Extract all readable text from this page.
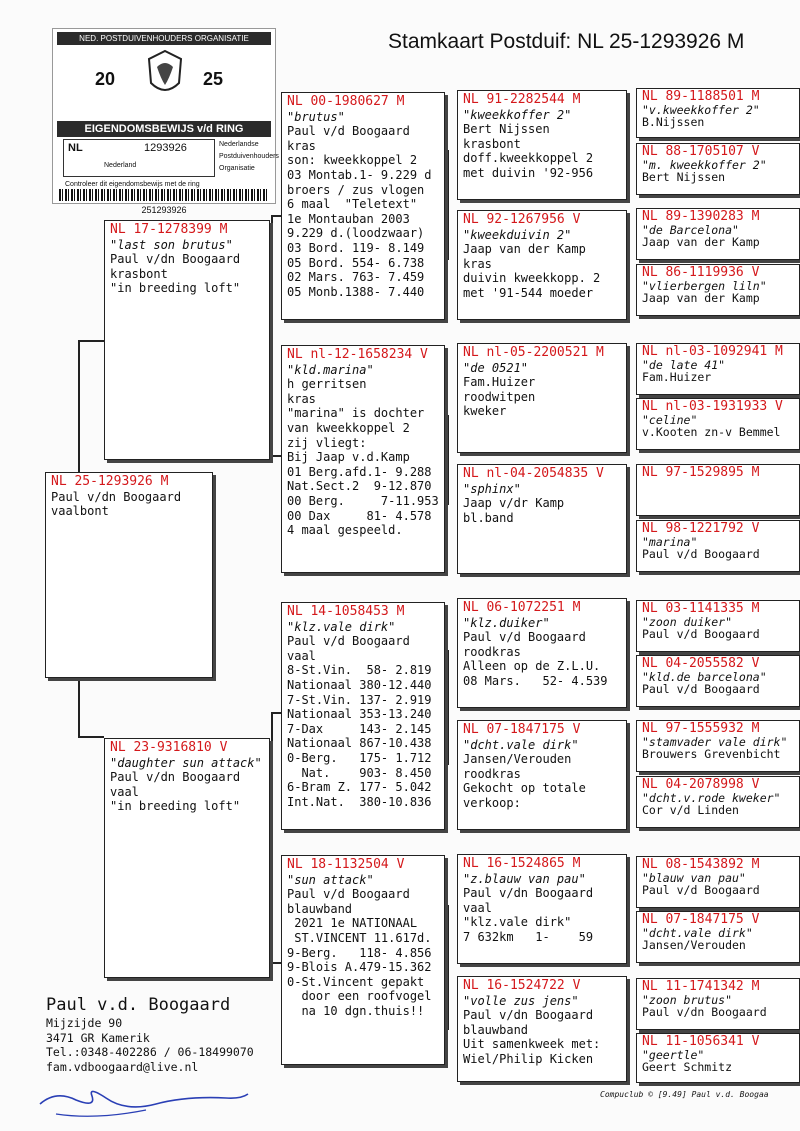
Stamkaart Postduif: NL 25-1293926 M
NED. POSTDUIVENHOUDERS ORGANISATIE
20	25
EIGENDOMSBEWIJS v/d RING
NL	1293926
Nederland
Nederlandse
Postduivenhouders
Organisatie
Controleer dit eigendomsbewijs met de ring
251293926
NL 25-1293926 M
Paul v/dn Boogaard
vaalbont
NL 17-1278399 M
"last son brutus"
Paul v/dn Boogaard
krasbont
"in breeding loft"
NL 23-9316810 V
"daughter sun attack"
Paul v/dn Boogaard
vaal
"in breeding loft"
NL 00-1980627 M
"brutus"
Paul v/d Boogaard
kras
son: kweekkoppel 2
03 Montab.1- 9.229 d
broers / zus vlogen
6 maal  "Teletext"
1e Montauban 2003
9.229 d.(loodzwaar)
03 Bord. 119- 8.149
05 Bord. 554- 6.738
02 Mars. 763- 7.459
05 Monb.1388- 7.440
NL nl-12-1658234 V
"kld.marina"
h gerritsen
kras
"marina" is dochter
van kweekkoppel 2
zij vliegt:
Bij Jaap v.d.Kamp
01 Berg.afd.1- 9.288
Nat.Sect.2  9-12.870
00 Berg.     7-11.953
00 Dax     81- 4.578
4 maal gespeeld.
NL 14-1058453 M
"klz.vale dirk"
Paul v/d Boogaard
vaal
8-St.Vin.  58- 2.819
Nationaal 380-12.440
7-St.Vin. 137- 2.919
Nationaal 353-13.240
7-Dax     143- 2.145
Nationaal 867-10.438
0-Berg.   175- 1.712
Nat.    903- 8.450
6-Bram Z. 177- 5.042
Int.Nat.  380-10.836
NL 18-1132504 V
"sun attack"
Paul v/d Boogaard
blauwband
2021 1e NATIONAAL
ST.VINCENT 11.617d.
9-Berg.   118- 4.856
9-Blois A.479-15.362
0-St.Vincent gepakt
door een roofvogel
na 10 dgn.thuis!!
NL 91-2282544 M
"kweekkoffer 2"
Bert Nijssen
krasbont
doff.kweekkoppel 2
met duivin '92-956
NL 92-1267956 V
"kweekduivin 2"
Jaap van der Kamp
kras
duivin kweekkopp. 2
met '91-544 moeder
NL nl-05-2200521 M
"de 0521"
Fam.Huizer
roodwitpen
kweker
NL nl-04-2054835 V
"sphinx"
Jaap v/dr Kamp
bl.band
NL 06-1072251 M
"klz.duiker"
Paul v/d Boogaard
roodkras
Alleen op de Z.L.U.
08 Mars.   52- 4.539
NL 07-1847175 V
"dcht.vale dirk"
Jansen/Verouden
roodkras
Gekocht op totale
verkoop:
NL 16-1524865 M
"z.blauw van pau"
Paul v/dn Boogaard
vaal
"klz.vale dirk"
7 632km   1-    59
NL 16-1524722 V
"volle zus jens"
Paul v/dn Boogaard
blauwband
Uit samenkweek met:
Wiel/Philip Kicken
NL 89-1188501 M
"v.kweekkoffer 2"
B.Nijssen
NL 88-1705107 V
"m. kweekkoffer 2"
Bert Nijssen
NL 89-1390283 M
"de Barcelona"
Jaap van der Kamp
NL 86-1119936 V
"vlierbergen liln"
Jaap van der Kamp
NL nl-03-1092941 M
"de late 41"
Fam.Huizer
NL nl-03-1931933 V
"celine"
v.Kooten zn-v Bemmel
NL 97-1529895 M
NL 98-1221792 V
"marina"
Paul v/d Boogaard
NL 03-1141335 M
"zoon duiker"
Paul v/d Boogaard
NL 04-2055582 V
"kld.de barcelona"
Paul v/d Boogaard
NL 97-1555932 M
"stamvader vale dirk"
Brouwers Grevenbicht
NL 04-2078998 V
"dcht.v.rode kweker"
Cor v/d Linden
NL 08-1543892 M
"blauw van pau"
Paul v/d Boogaard
NL 07-1847175 V
"dcht.vale dirk"
Jansen/Verouden
NL 11-1741342 M
"zoon brutus"
Paul v/dn Boogaard
NL 11-1056341 V
"geertle"
Geert Schmitz
Paul v.d. Boogaard
Mijzijde 90
3471 GR Kamerik
Tel.:0348-402286 / 06-18499070
fam.vdboogaard@live.nl
Compuclub © [9.49] Paul v.d. Boogaa
